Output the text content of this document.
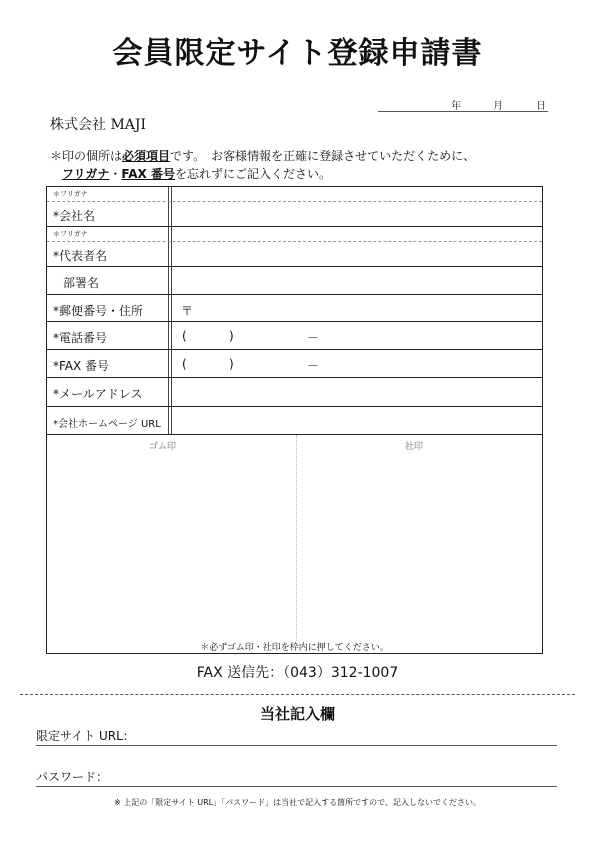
会員限定サイト登録申請書
年	月	日
株式会社 MAJI
＊印の個所は必須項目です。　お客様情報を正確に登録させていただくために、
フリガナ・FAX 番号を忘れずにご記入ください。
＊フリガナ
*会社名
＊フリガナ
*代表者名
部署名
*郵便番号・住所	〒
*電話番号	(	)	－
*FAX 番号	(	)	－
*メールアドレス
*会社ホームページ URL
ゴム印	社印
＊必ずゴム印・社印を枠内に押してください。
FAX 送信先：（043）312-1007
当社記入欄
限定サイト URL：
パスワード：
※ 上記の「限定サイト URL」「パスワード」は当社で記入する箇所ですので、記入しないでください。
